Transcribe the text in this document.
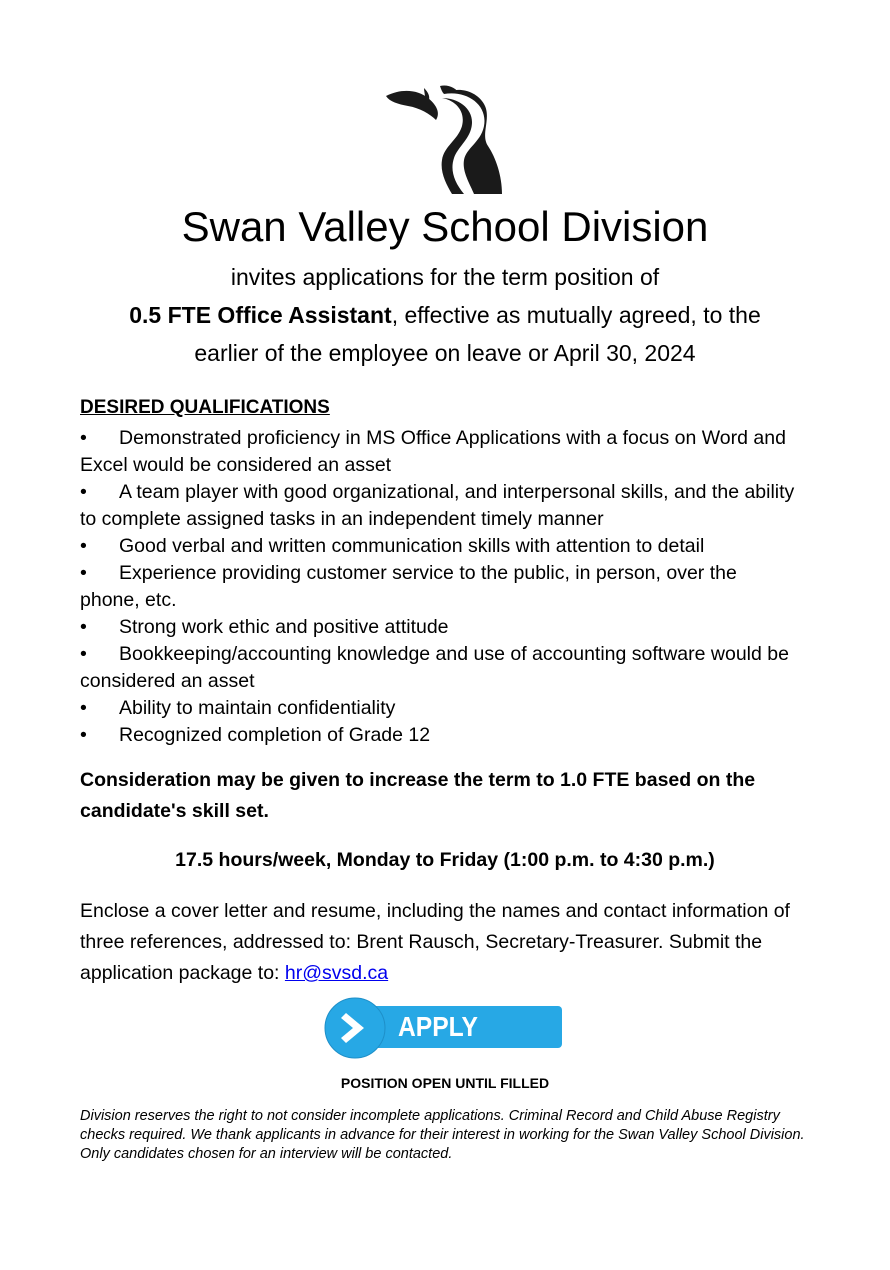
Swan Valley School Division
invites applications for the term position of
0.5 FTE Office Assistant, effective as mutually agreed, to the
earlier of the employee on leave or April 30, 2024
DESIRED QUALIFICATIONS
• Demonstrated proficiency in MS Office Applications with a focus on Word and Excel would be considered an asset
• A team player with good organizational, and interpersonal skills, and the ability to complete assigned tasks in an independent timely manner
• Good verbal and written communication skills with attention to detail
• Experience providing customer service to the public, in person, over the phone, etc.
• Strong work ethic and positive attitude
• Bookkeeping/accounting knowledge and use of accounting software would be considered an asset
• Ability to maintain confidentiality
• Recognized completion of Grade 12
Consideration may be given to increase the term to 1.0 FTE based on the candidate's skill set.
17.5 hours/week, Monday to Friday (1:00 p.m. to 4:30 p.m.)
Enclose a cover letter and resume, including the names and contact information of three references, addressed to: Brent Rausch, Secretary-Treasurer. Submit the application package to: hr@svsd.ca
APPLY NOW
POSITION OPEN UNTIL FILLED
Division reserves the right to not consider incomplete applications. Criminal Record and Child Abuse Registry checks required. We thank applicants in advance for their interest in working for the Swan Valley School Division. Only candidates chosen for an interview will be contacted.
